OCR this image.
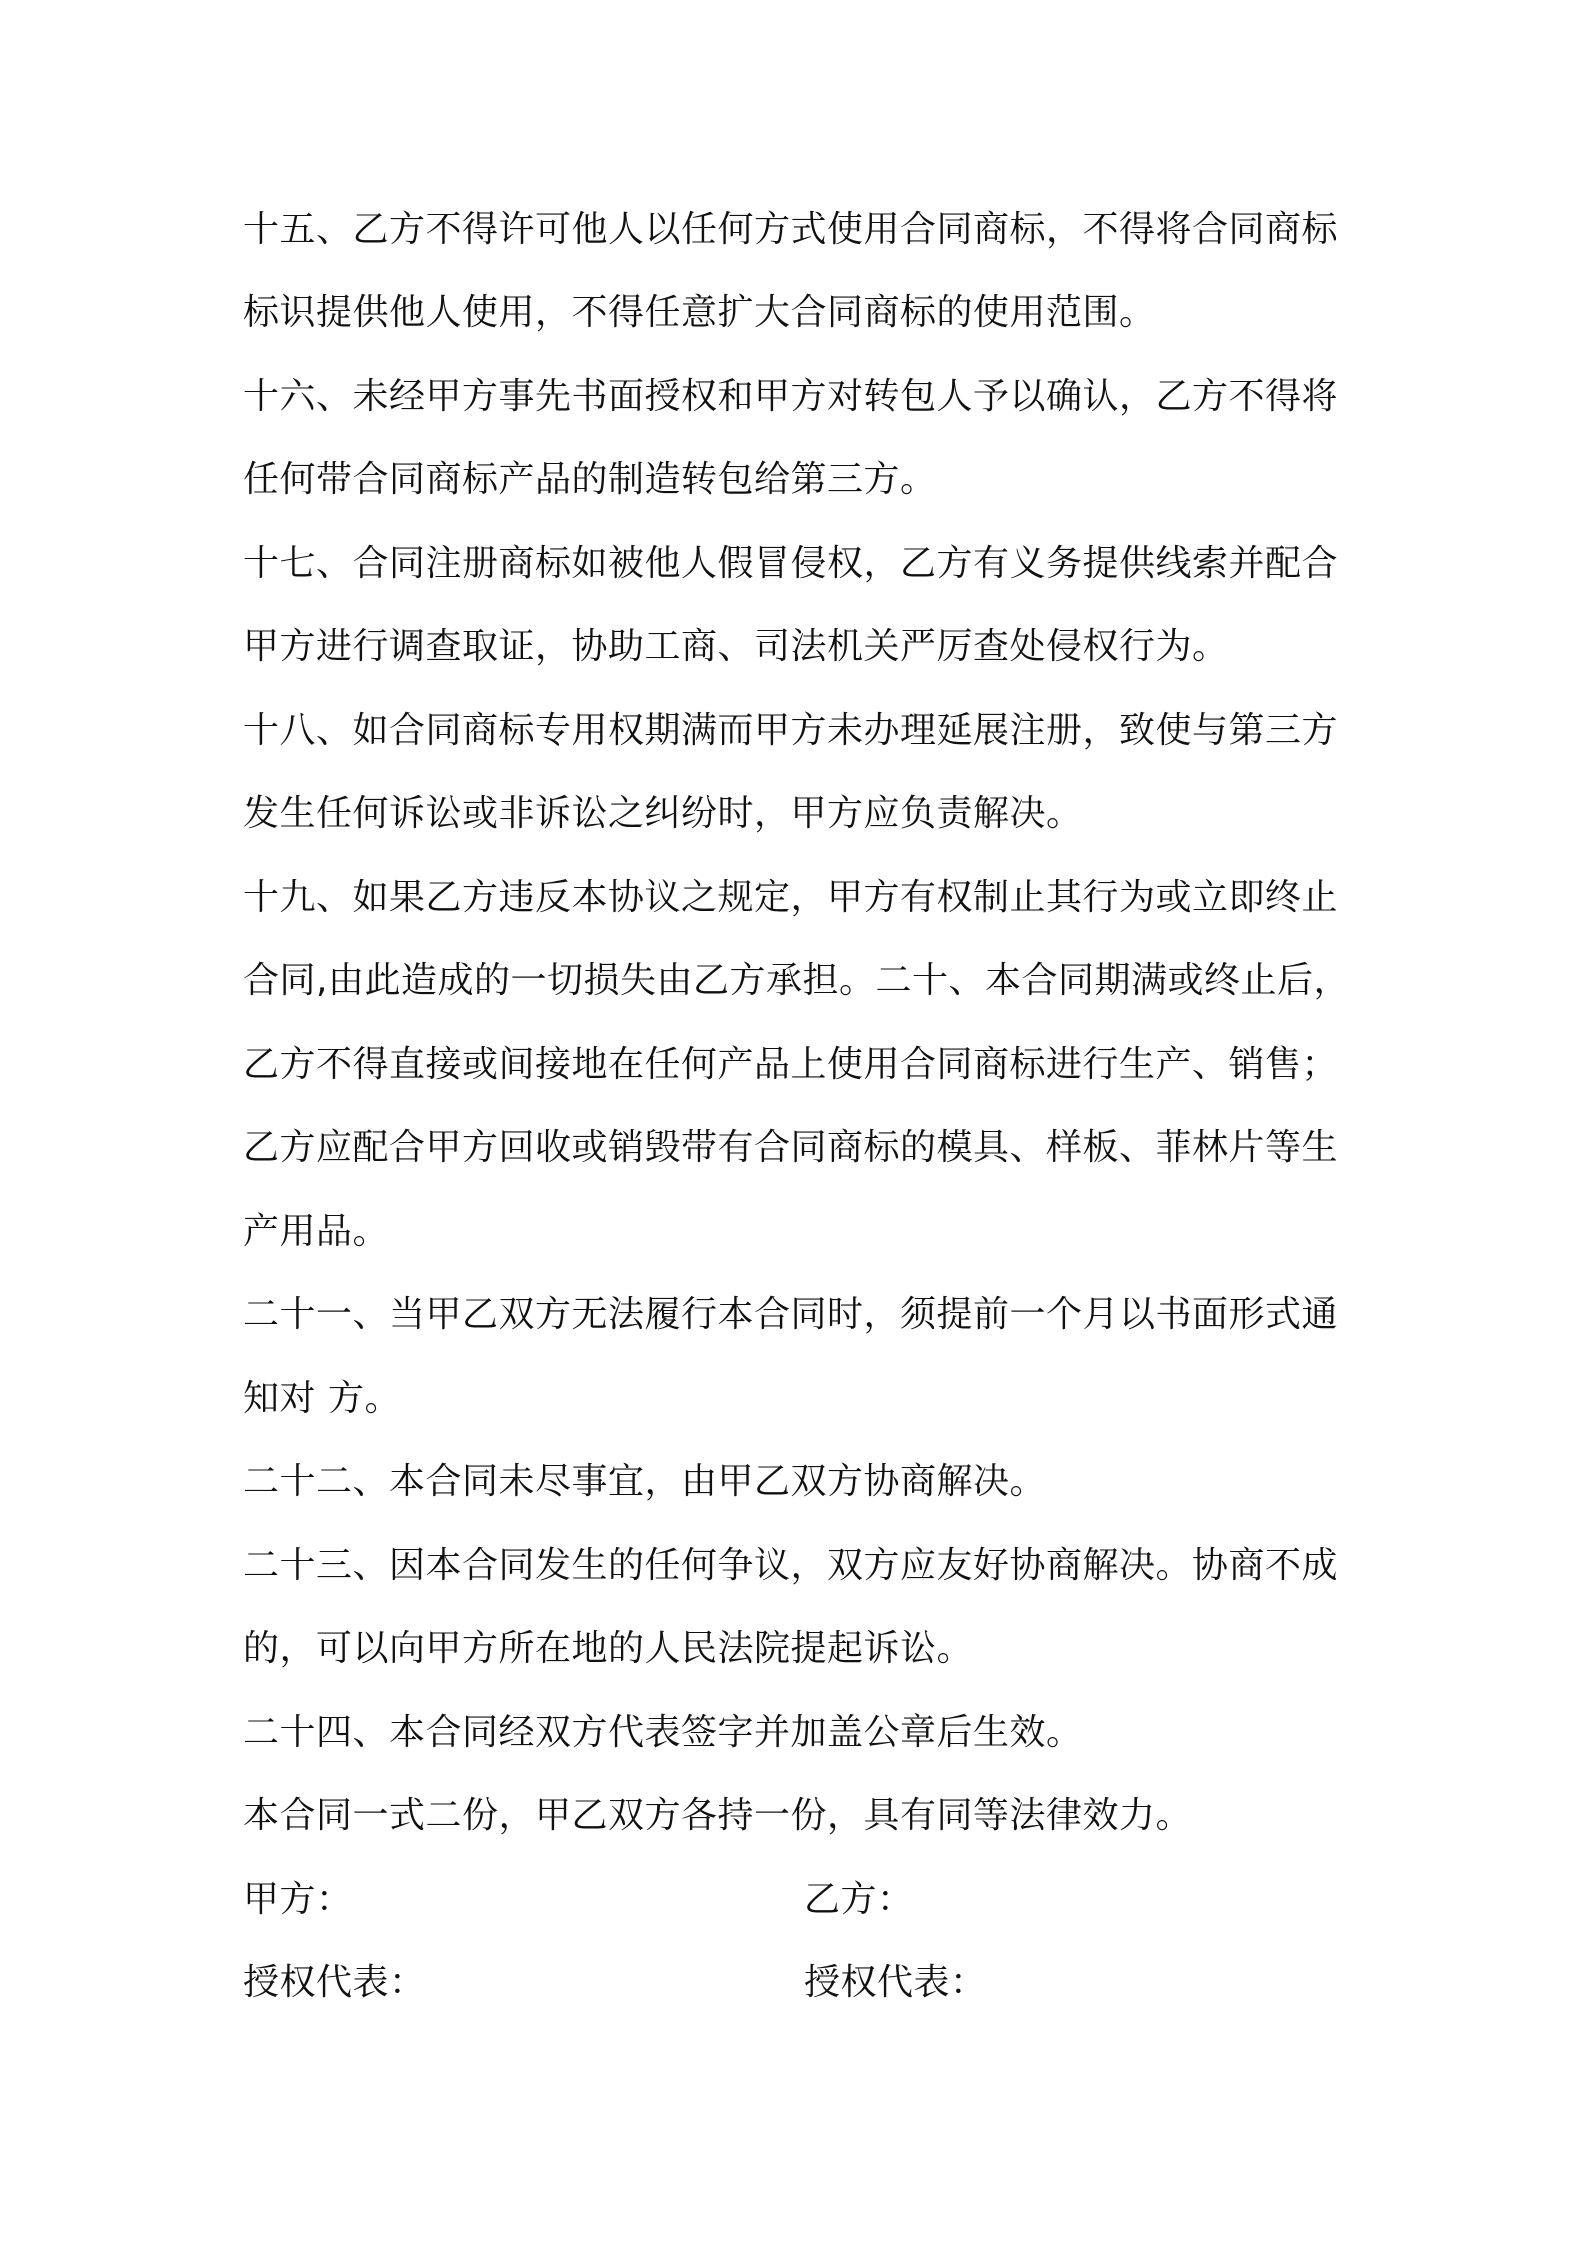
十五、乙方不得许可他人以任何方式使用合同商标，不得将合同商标
标识提供他人使用，不得任意扩大合同商标的使用范围。
十六、未经甲方事先书面授权和甲方对转包人予以确认，乙方不得将
任何带合同商标产品的制造转包给第三方。
十七、合同注册商标如被他人假冒侵权，乙方有义务提供线索并配合
甲方进行调查取证，协助工商、司法机关严厉查处侵权行为。
十八、如合同商标专用权期满而甲方未办理延展注册，致使与第三方
发生任何诉讼或非诉讼之纠纷时，甲方应负责解决。
十九、如果乙方违反本协议之规定，甲方有权制止其行为或立即终止
合同,由此造成的一切损失由乙方承担。二十、本合同期满或终止后，
乙方不得直接或间接地在任何产品上使用合同商标进行生产、销售；
乙方应配合甲方回收或销毁带有合同商标的模具、样板、菲林片等生
产用品。
二十一、当甲乙双方无法履行本合同时，须提前一个月以书面形式通
知对 方。
二十二、本合同未尽事宜，由甲乙双方协商解决。
二十三、因本合同发生的任何争议，双方应友好协商解决。协商不成
的，可以向甲方所在地的人民法院提起诉讼。
二十四、本合同经双方代表签字并加盖公章后生效。
本合同一式二份，甲乙双方各持一份，具有同等法律效力。
甲方：	乙方：
授权代表：	授权代表：
